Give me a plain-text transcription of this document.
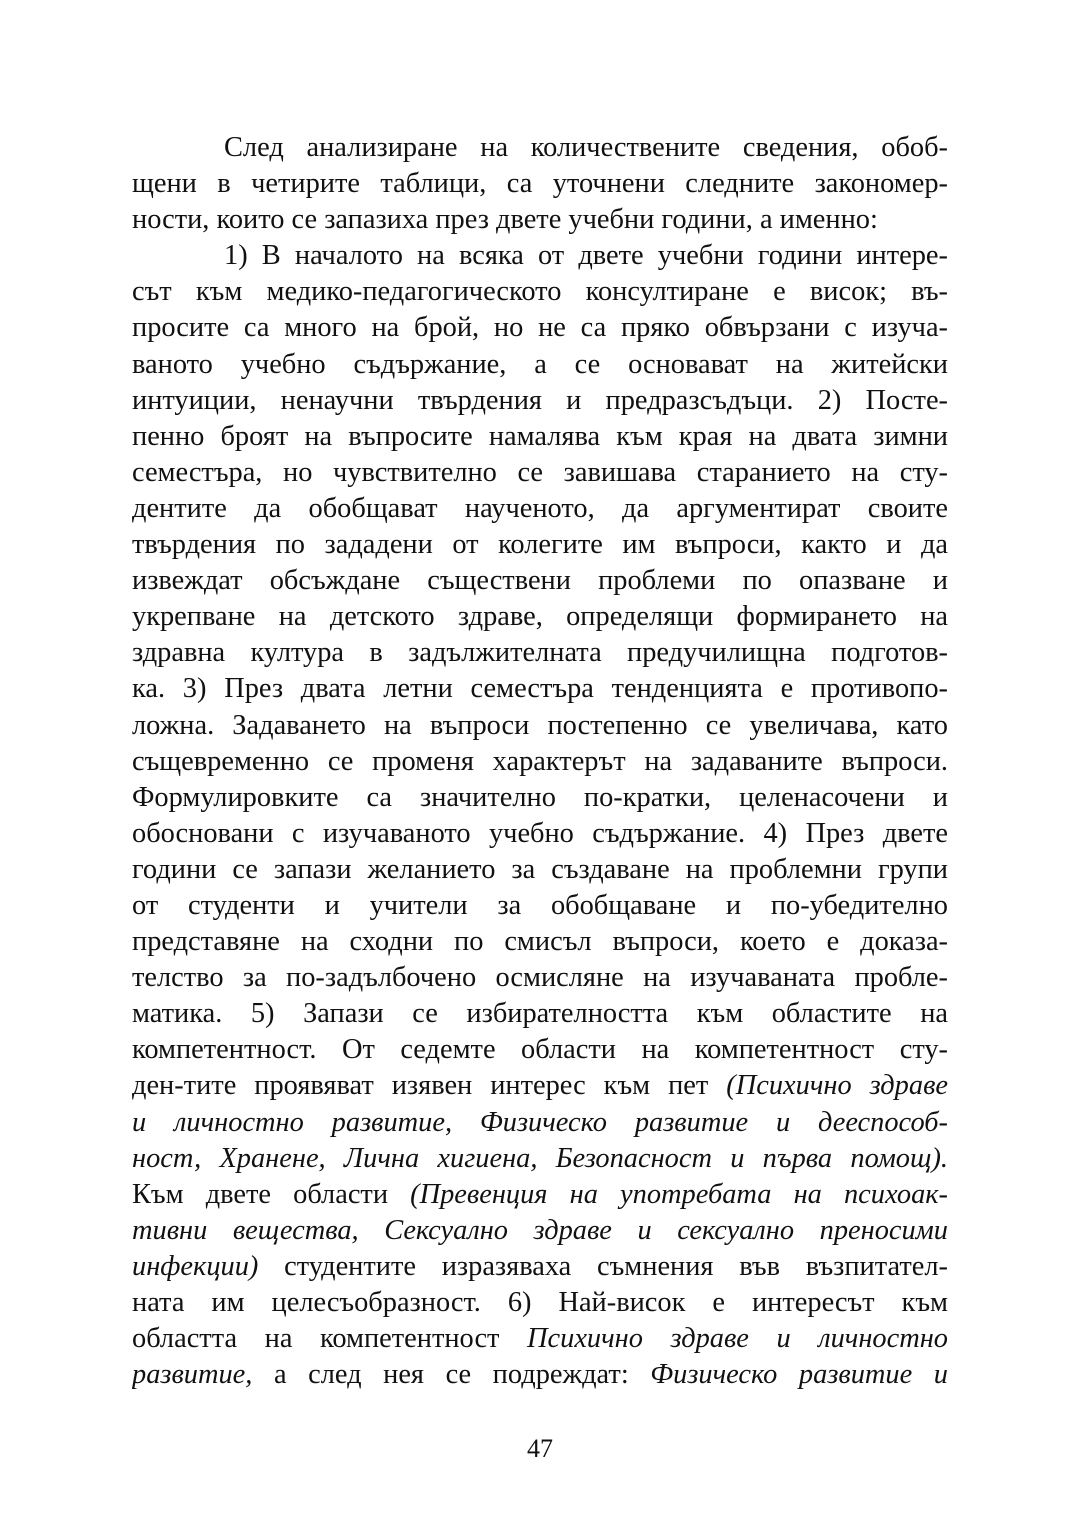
След анализиране на количествените сведения, обоб-
щени в четирите таблици, са уточнени следните закономер-
ности, които се запазиха през двете учебни години, а именно:
1) В началото на всяка от двете учебни години интере-
сът към медико-педагогическото консултиране е висок; въ-
просите са много на брой, но не са пряко обвързани с изуча-
ваното учебно съдържание, а се основават на житейски
интуиции, ненаучни твърдения и предразсъдъци. 2) Посте-
пенно броят на въпросите намалява към края на двата зимни
семестъра, но чувствително се завишава старанието на сту-
дентите да обобщават наученото, да аргументират своите
твърдения по зададени от колегите им въпроси, както и да
извеждат обсъждане съществени проблеми по опазване и
укрепване на детското здраве, определящи формирането на
здравна култура в задължителната предучилищна подготов-
ка. 3) През двата летни семестъра тенденцията е противопо-
ложна. Задаването на въпроси постепенно се увеличава, като
същевременно се променя характерът на задаваните въпроси.
Формулировките са значително по-кратки, целенасочени и
обосновани с изучаваното учебно съдържание. 4) През двете
години се запази желанието за създаване на проблемни групи
от студенти и учители за обобщаване и по-убедително
представяне на сходни по смисъл въпроси, което е доказа-
телство за по-задълбочено осмисляне на изучаваната пробле-
матика. 5) Запази се избирателността към областите на
компетентност. От седемте области на компетентност сту-
ден-тите проявяват изявен интерес към пет (Психично здраве
и личностно развитие, Физическо развитие и дееспособ-
ност, Хранене, Лична хигиена, Безопасност и първа помощ).
Към двете области (Превенция на употребата на психоак-
тивни вещества, Сексуално здраве и сексуално преносими
инфекции) студентите изразяваха съмнения във възпитател-
ната им целесъобразност. 6) Най-висок е интересът към
областта на компетентност Психично здраве и личностно
развитие, а след нея се подреждат: Физическо развитие и
47
